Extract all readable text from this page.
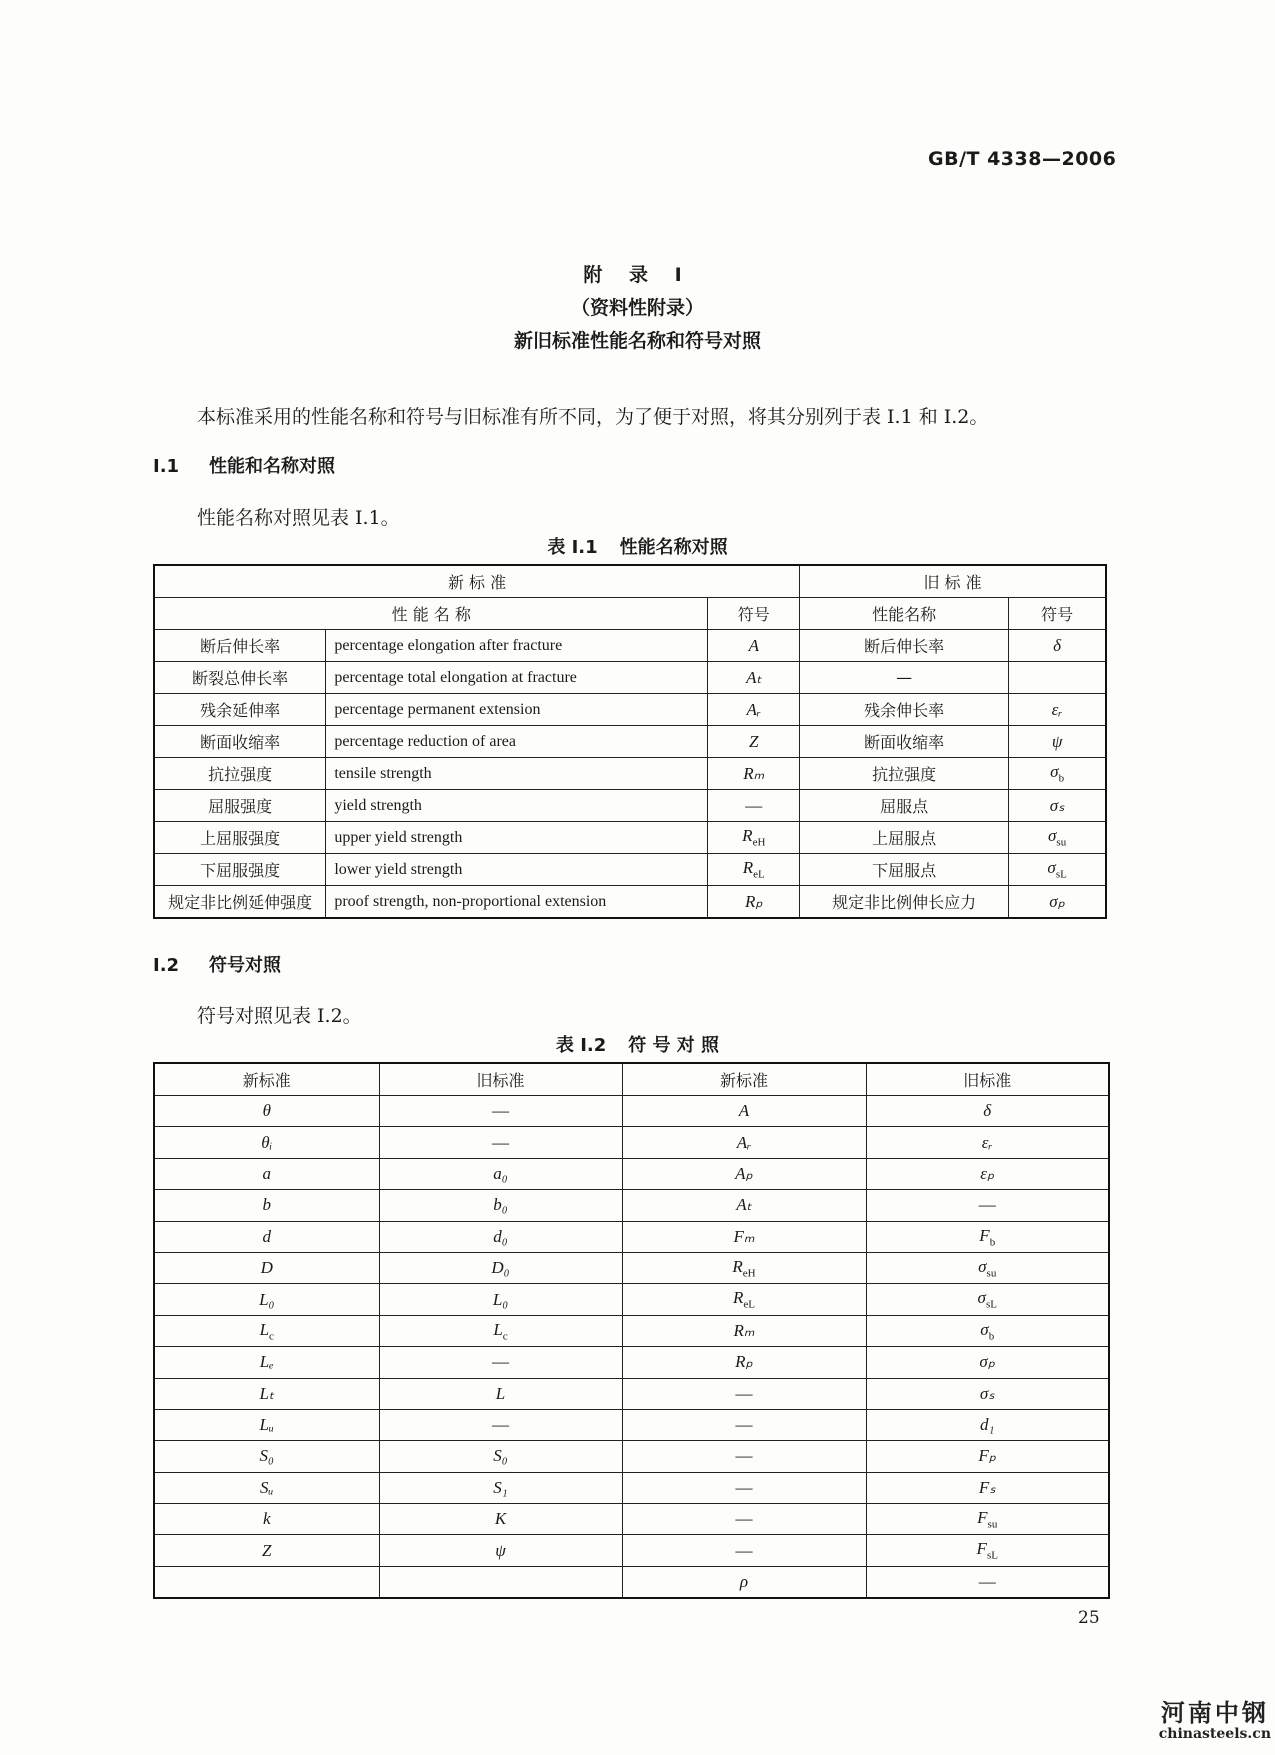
GB/T 4338—2006
附 录 I
（资料性附录）
新旧标准性能名称和符号对照
本标准采用的性能名称和符号与旧标准有所不同，为了便于对照，将其分别列于表 I.1 和 I.2。
I.1 性能和名称对照
性能名称对照见表 I.1。
表 I.1 性能名称对照
新 标 准			旧 标 准	
性 能 名 称		符号	性能名称	符号
断后伸长率	percentage elongation after fracture	A	断后伸长率	δ
断裂总伸长率	percentage total elongation at fracture	Aₜ	—	
残余延伸率	percentage permanent extension	Aᵣ	残余伸长率	εᵣ
断面收缩率	percentage reduction of area	Z	断面收缩率	ψ
抗拉强度	tensile strength	Rₘ	抗拉强度	$\sigma_b$
屈服强度	yield strength	—	屈服点	σₛ
上屈服强度	upper yield strength	$R_{eH}$	上屈服点	$\sigma_{su}$
下屈服强度	lower yield strength	$R_{eL}$	下屈服点	$\sigma_{sL}$
规定非比例延伸强度	proof strength, non-proportional extension	Rₚ	规定非比例伸长应力	σₚ
I.2 符号对照
符号对照见表 I.2。
表 I.2 符 号 对 照
新标准	旧标准	新标准	旧标准
θ	—	A	δ
θᵢ	—	Aᵣ	εᵣ
a	a₀	Aₚ	εₚ
b	b₀	Aₜ	—
d	d₀	Fₘ	$F_b$
D	D₀	$R_{eH}$	$\sigma_{su}$
L₀	L₀	$R_{eL}$	$\sigma_{sL}$
$L_c$	$L_c$	Rₘ	$\sigma_b$
Lₑ	—	Rₚ	σₚ
Lₜ	L	—	σₛ
Lᵤ	—	—	d₁
S₀	S₀	—	Fₚ
Sᵤ	S₁	—	Fₛ
k	K	—	$F_{su}$
Z	ψ	—	$F_{sL}$
		ρ	—
25
河南中钢
chinasteels.cn
